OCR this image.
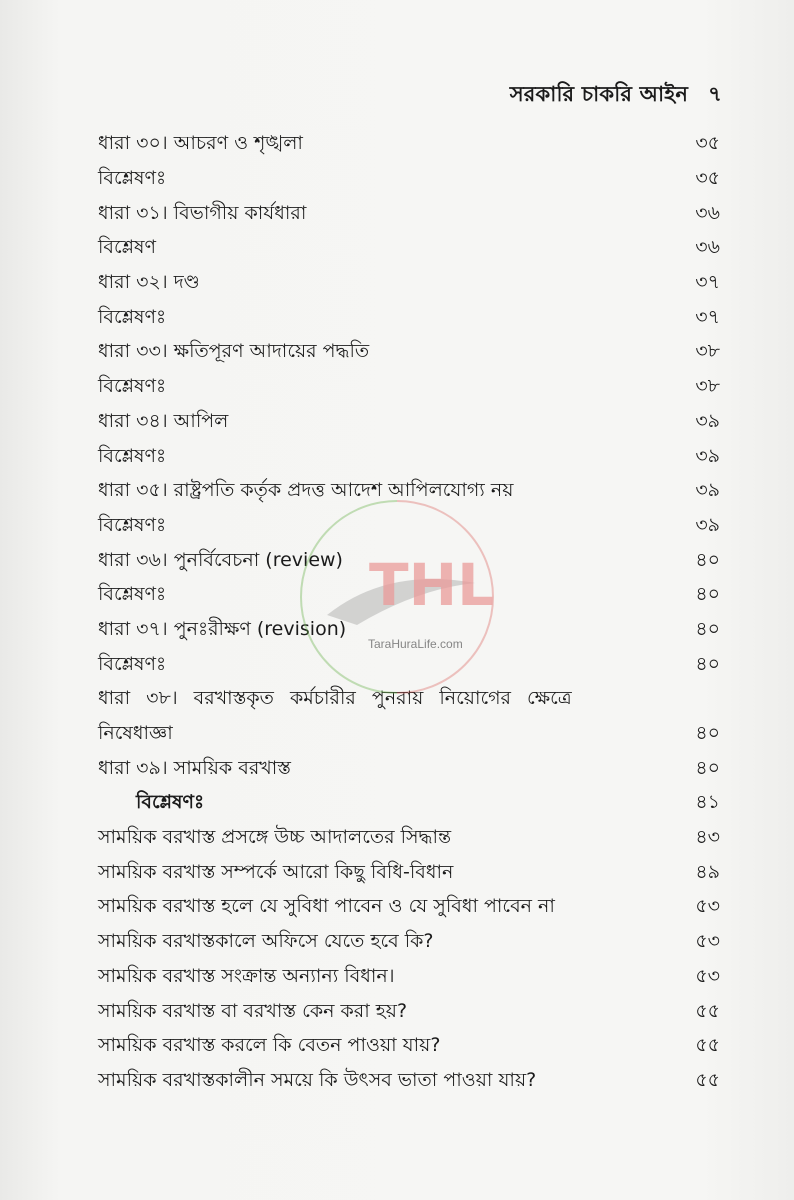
সরকারি চাকরি আইন ৭
ধারা ৩০। আচরণ ও শৃঙ্খলা	৩৫
বিশ্লেষণঃ	৩৫
ধারা ৩১। বিভাগীয় কার্যধারা	৩৬
বিশ্লেষণ	৩৬
ধারা ৩২। দণ্ড	৩৭
বিশ্লেষণঃ	৩৭
ধারা ৩৩। ক্ষতিপূরণ আদায়ের পদ্ধতি	৩৮
বিশ্লেষণঃ	৩৮
ধারা ৩৪। আপিল	৩৯
বিশ্লেষণঃ	৩৯
ধারা ৩৫। রাষ্ট্রপতি কর্তৃক প্রদত্ত আদেশ আপিলযোগ্য নয়	৩৯
বিশ্লেষণঃ	৩৯
ধারা ৩৬। পুনর্বিবেচনা (review)	৪০
বিশ্লেষণঃ	৪০
ধারা ৩৭। পুনঃরীক্ষণ (revision)	৪০
বিশ্লেষণঃ	৪০
ধারা ৩৮। বরখাস্তকৃত কর্মচারীর পুনরায় নিয়োগের ক্ষেত্রে
নিষেধাজ্ঞা	৪০
ধারা ৩৯। সাময়িক বরখাস্ত	৪০
বিশ্লেষণঃ	৪১
সাময়িক বরখাস্ত প্রসঙ্গে উচ্চ আদালতের সিদ্ধান্ত	৪৩
সাময়িক বরখাস্ত সম্পর্কে আরো কিছু বিধি-বিধান	৪৯
সাময়িক বরখাস্ত হলে যে সুবিধা পাবেন ও যে সুবিধা পাবেন না	৫৩
সাময়িক বরখাস্তকালে অফিসে যেতে হবে কি?	৫৩
সাময়িক বরখাস্ত সংক্রান্ত অন্যান্য বিধান।	৫৩
সাময়িক বরখাস্ত বা বরখাস্ত কেন করা হয়?	৫৫
সাময়িক বরখাস্ত করলে কি বেতন পাওয়া যায়?	৫৫
সাময়িক বরখাস্তকালীন সময়ে কি উৎসব ভাতা পাওয়া যায়?	৫৫
THL
TaraHuraLife.com
